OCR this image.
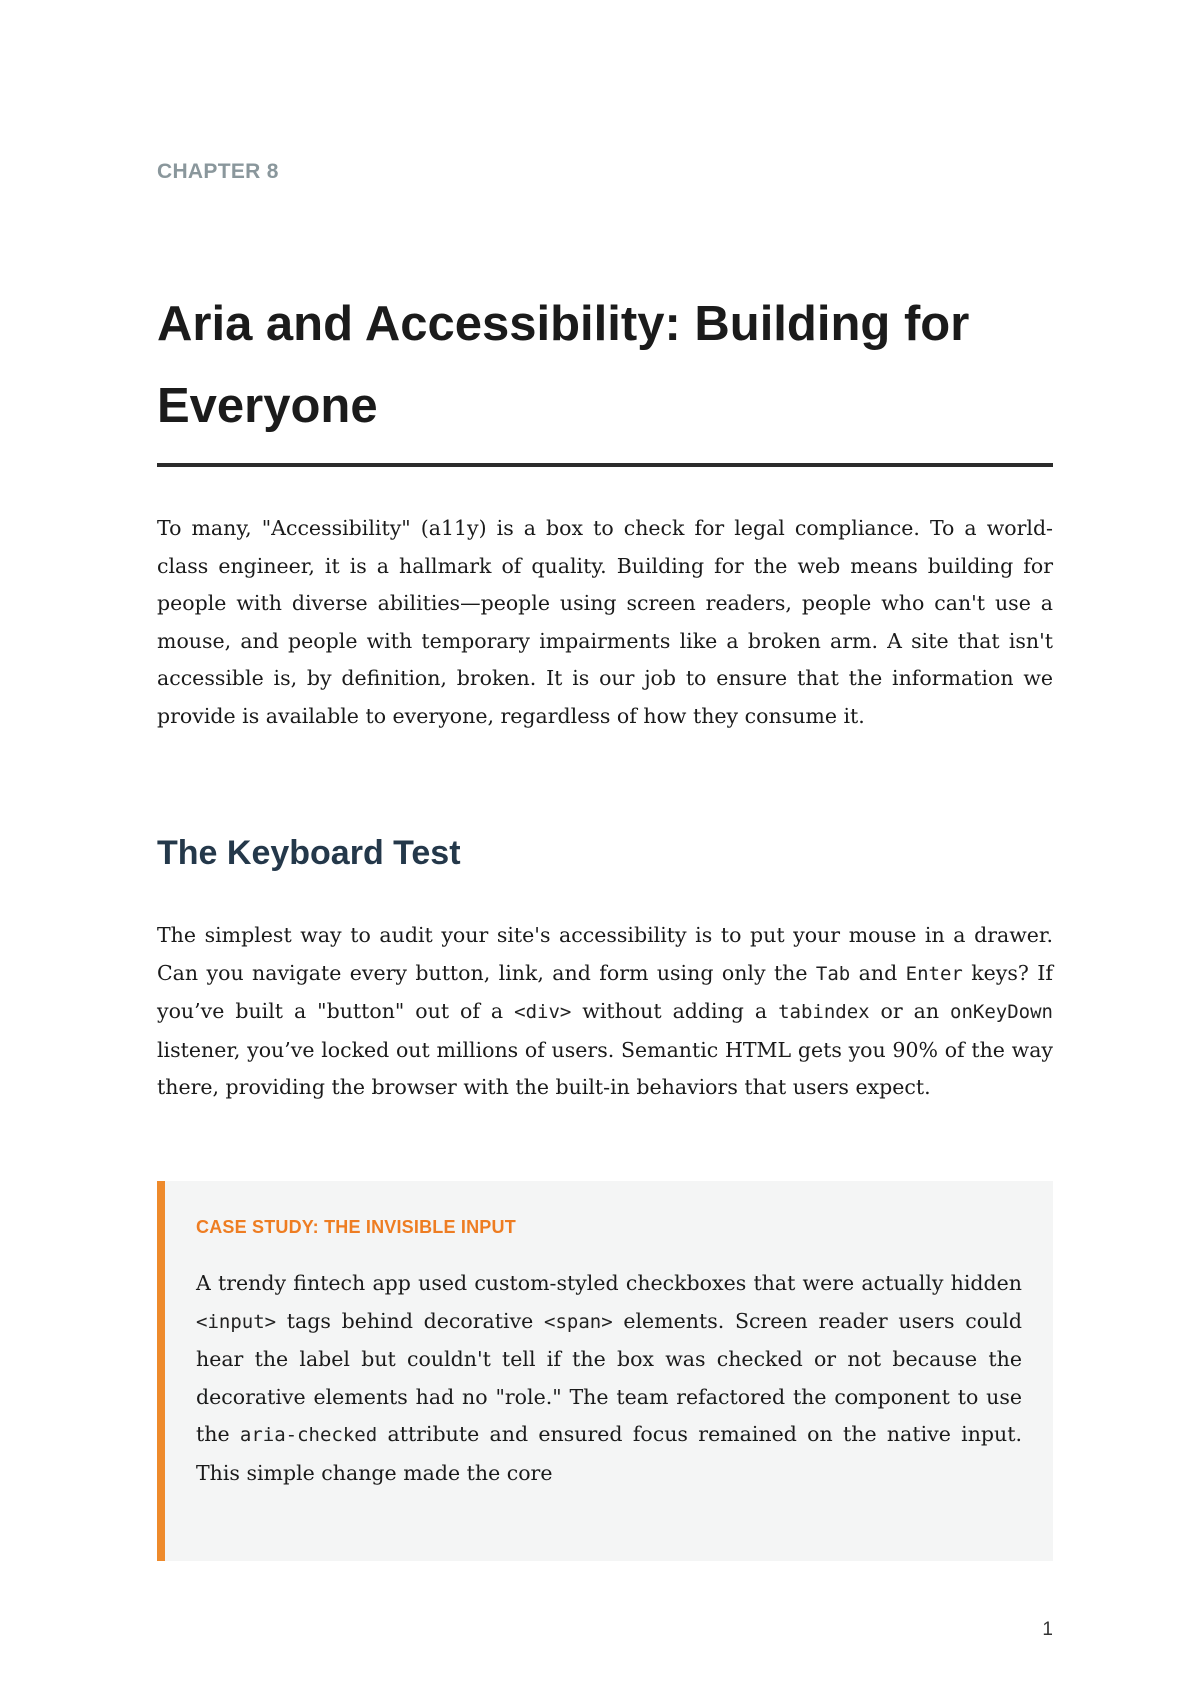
CHAPTER 8
Aria and Accessibility: Building for Everyone

To many, "Accessibility" (a11y) is a box to check for legal compliance. To a world-class engineer, it is a hallmark of quality. Building for the web means building for people with diverse abilities—people using screen readers, people who can't use a mouse, and people with temporary impairments like a broken arm. A site that isn't accessible is, by definition, broken. It is our job to ensure that the information we provide is available to everyone, regardless of how they consume it.

The Keyboard Test

The simplest way to audit your site's accessibility is to put your mouse in a drawer. Can you navigate every button, link, and form using only the Tab and Enter keys? If you’ve built a "button" out of a <div> without adding a tabindex or an onKeyDown listener, you’ve locked out millions of users. Semantic HTML gets you 90% of the way there, providing the browser with the built-in behaviors that users expect.

CASE STUDY: THE INVISIBLE INPUT

A trendy fintech app used custom-styled checkboxes that were actually hidden <input> tags behind decorative <span> elements. Screen reader users could hear the label but couldn't tell if the box was checked or not because the decorative elements had no "role." The team refactored the component to use the aria-checked attribute and ensured focus remained on the native input. This simple change made the core

1
